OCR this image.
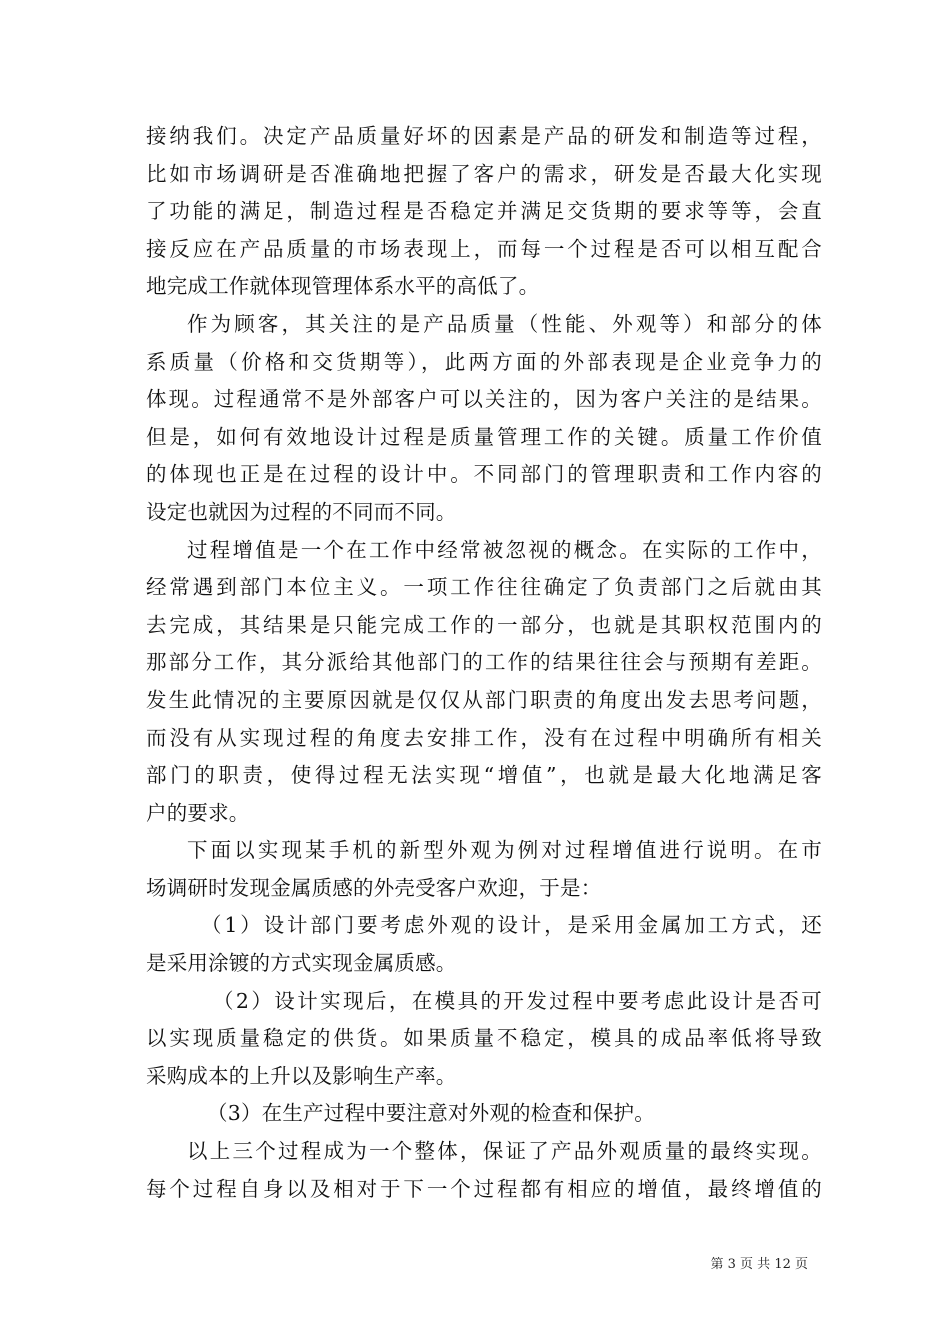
接纳我们。决定产品质量好坏的因素是产品的研发和制造等过程，
比如市场调研是否准确地把握了客户的需求，研发是否最大化实现
了功能的满足，制造过程是否稳定并满足交货期的要求等等，会直
接反应在产品质量的市场表现上，而每一个过程是否可以相互配合
地完成工作就体现管理体系水平的高低了。
作为顾客，其关注的是产品质量（性能、外观等）和部分的体
系质量（价格和交货期等），此两方面的外部表现是企业竞争力的
体现。过程通常不是外部客户可以关注的，因为客户关注的是结果。
但是，如何有效地设计过程是质量管理工作的关键。质量工作价值
的体现也正是在过程的设计中。不同部门的管理职责和工作内容的
设定也就因为过程的不同而不同。
过程增值是一个在工作中经常被忽视的概念。在实际的工作中，
经常遇到部门本位主义。一项工作往往确定了负责部门之后就由其
去完成，其结果是只能完成工作的一部分，也就是其职权范围内的
那部分工作，其分派给其他部门的工作的结果往往会与预期有差距。
发生此情况的主要原因就是仅仅从部门职责的角度出发去思考问题，
而没有从实现过程的角度去安排工作，没有在过程中明确所有相关
部门的职责，使得过程无法实现“增值”，也就是最大化地满足客
户的要求。
下面以实现某手机的新型外观为例对过程增值进行说明。在市
场调研时发现金属质感的外壳受客户欢迎，于是：
（1）设计部门要考虑外观的设计，是采用金属加工方式，还
是采用涂镀的方式实现金属质感。
（2）设计实现后，在模具的开发过程中要考虑此设计是否可
以实现质量稳定的供货。如果质量不稳定，模具的成品率低将导致
采购成本的上升以及影响生产率。
（3）在生产过程中要注意对外观的检查和保护。
以上三个过程成为一个整体，保证了产品外观质量的最终实现。
每个过程自身以及相对于下一个过程都有相应的增值，最终增值的
第 3 页 共 12 页
